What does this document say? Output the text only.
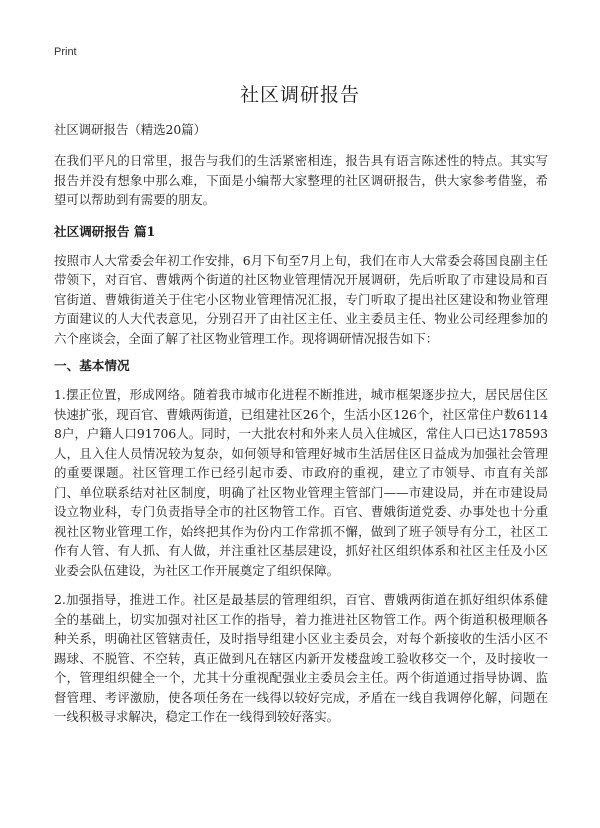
Print
社区调研报告

社区调研报告（精选20篇）

在我们平凡的日常里，报告与我们的生活紧密相连，报告具有语言陈述性的特点。其实写报告并没有想象中那么难，下面是小编帮大家整理的社区调研报告，供大家参考借鉴，希望可以帮助到有需要的朋友。

社区调研报告 篇1

按照市人大常委会年初工作安排，6月下旬至7月上旬，我们在市人大常委会蒋国良副主任带领下，对百官、曹娥两个街道的社区物业管理情况开展调研，先后听取了市建设局和百官街道、曹娥街道关于住宅小区物业管理情况汇报，专门听取了提出社区建设和物业管理方面建议的人大代表意见，分别召开了由社区主任、业主委员主任、物业公司经理参加的六个座谈会，全面了解了社区物业管理工作。现将调研情况报告如下：

一、基本情况

1.摆正位置，形成网络。随着我市城市化进程不断推进，城市框架逐步拉大，居民居住区快速扩张，现百官、曹娥两街道，已组建社区26个，生活小区126个，社区常住户数61148户，户籍人口91706人。同时，一大批农村和外来人员入住城区，常住人口已达178593人，且入住人员情况较为复杂，如何领导和管理好城市生活居住区日益成为加强社会管理的重要课题。社区管理工作已经引起市委、市政府的重视，建立了市领导、市直有关部门、单位联系结对社区制度，明确了社区物业管理主管部门——市建设局，并在市建设局设立物业科，专门负责指导全市的社区物管工作。百官、曹娥街道党委、办事处也十分重视社区物业管理工作，始终把其作为份内工作常抓不懈，做到了班子领导有分工，社区工作有人管、有人抓、有人做，并注重社区基层建设，抓好社区组织体系和社区主任及小区业委会队伍建设，为社区工作开展奠定了组织保障。

2.加强指导，推进工作。社区是最基层的管理组织，百官、曹娥两街道在抓好组织体系健全的基础上，切实加强对社区工作的指导，着力推进社区物管工作。两个街道积极理顺各种关系，明确社区管辖责任，及时指导组建小区业主委员会，对每个新接收的生活小区不踢球、不脱管、不空转，真正做到凡在辖区内新开发楼盘竣工验收移交一个，及时接收一个，管理组织健全一个，尤其十分重视配强业主委员会主任。两个街道通过指导协调、监督管理、考评激励，使各项任务在一线得以较好完成，矛盾在一线自我调停化解，问题在一线积极寻求解决，稳定工作在一线得到较好落实。
